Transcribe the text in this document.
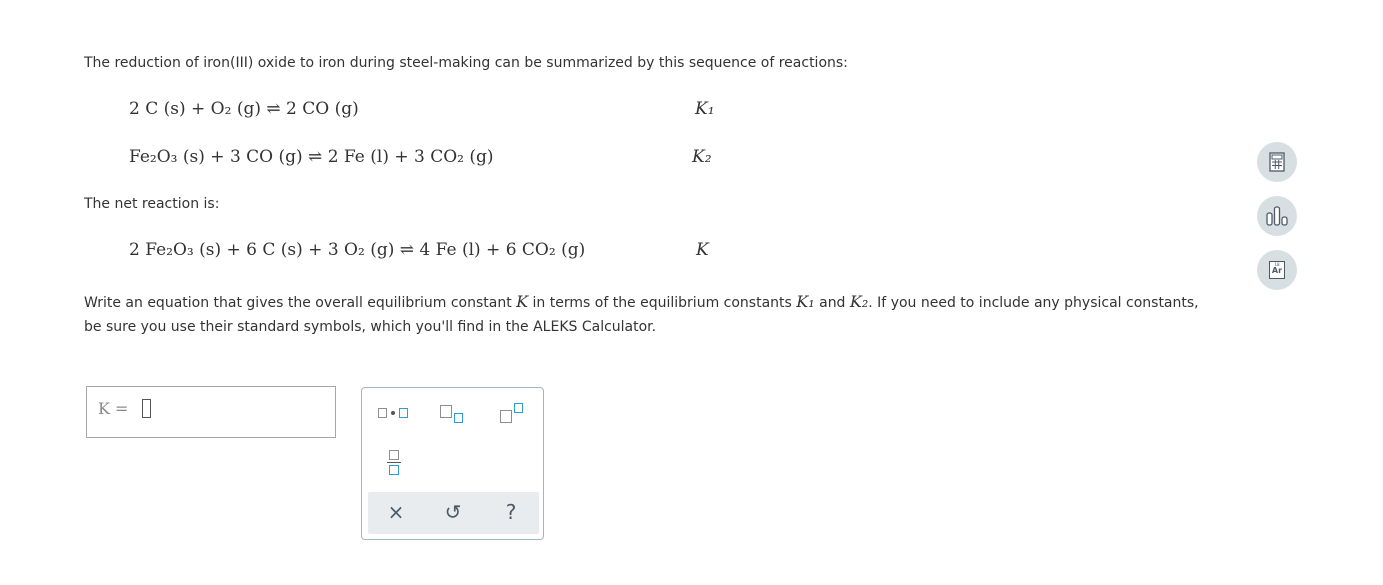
The reduction of iron(III) oxide to iron during steel-making can be summarized by this sequence of reactions:
2 C (s) + O₂ (g) ⇌ 2 CO (g)	K₁
Fe₂O₃ (s) + 3 CO (g) ⇌ 2 Fe (l) + 3 CO₂ (g)	K₂
The net reaction is:
2 Fe₂O₃ (s) + 6 C (s) + 3 O₂ (g) ⇌ 4 Fe (l) + 6 CO₂ (g)	K
Write an equation that gives the overall equilibrium constant K in terms of the equilibrium constants K₁ and K₂. If you need to include any physical constants,
be sure you use their standard symbols, which you'll find in the ALEKS Calculator.
K =
× ↺	?
18
Ar
